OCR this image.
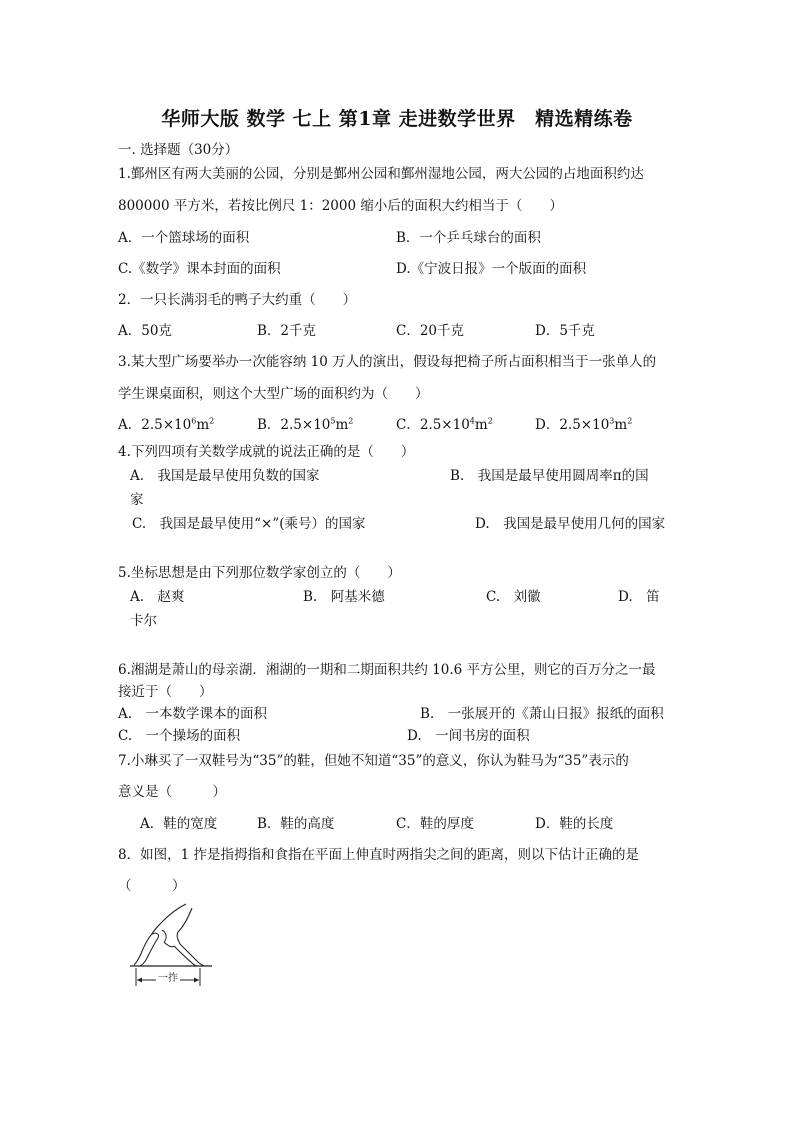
华师大版 数学 七上 第1章 走进数学世界　精选精练卷
一. 选择题（30分）
1.鄞州区有两大美丽的公园，分别是鄞州公园和鄞州湿地公园，两大公园的占地面积约达
800000 平方米，若按比例尺 1：2000 缩小后的面积大约相当于（　　）
A．一个篮球场的面积	B．一个乒乓球台的面积
C.《数学》课本封面的面积	D.《宁波日报》一个版面的面积
2．一只长满羽毛的鸭子大约重（　　）
A．50克	B．2千克	C．20千克	D．5千克
3.某大型广场要举办一次能容纳 10 万人的演出，假设每把椅子所占面积相当于一张单人的
学生课桌面积，则这个大型广场的面积约为（　　）
A．$2.5\times 10^6m^2$	B．$2.5\times 10^5m^2$	C．$2.5\times 10^4m^2$	D．$2.5\times 10^3m^2$
4.下列四项有关数学成就的说法正确的是（　　）
A.　我国是最早使用负数的国家	B.　我国是最早使用圆周率π的国
家
C.　我国是最早使用“×”(乘号）的国家	D.　我国是最早使用几何的国家
5.坐标思想是由下列那位数学家创立的（　　）
A.　赵爽	B.　阿基米德	C.　刘徽	D.　笛
卡尔
6.湘湖是萧山的母亲湖．湘湖的一期和二期面积共约 10.6 平方公里，则它的百万分之一最
接近于（　　）
A.　一本数学课本的面积	B.　一张展开的《萧山日报》报纸的面积
C.　一个操场的面积	D.　一间书房的面积
7.小琳买了一双鞋号为“35”的鞋，但她不知道“35”的意义，你认为鞋马为“35”表示的
意义是（　　　）
A．鞋的宽度	B．鞋的高度	C．鞋的厚度	D．鞋的长度
8．如图，1 拃是指拇指和食指在平面上伸直时两指尖之间的距离，则以下估计正确的是
（　　　）
一拃
